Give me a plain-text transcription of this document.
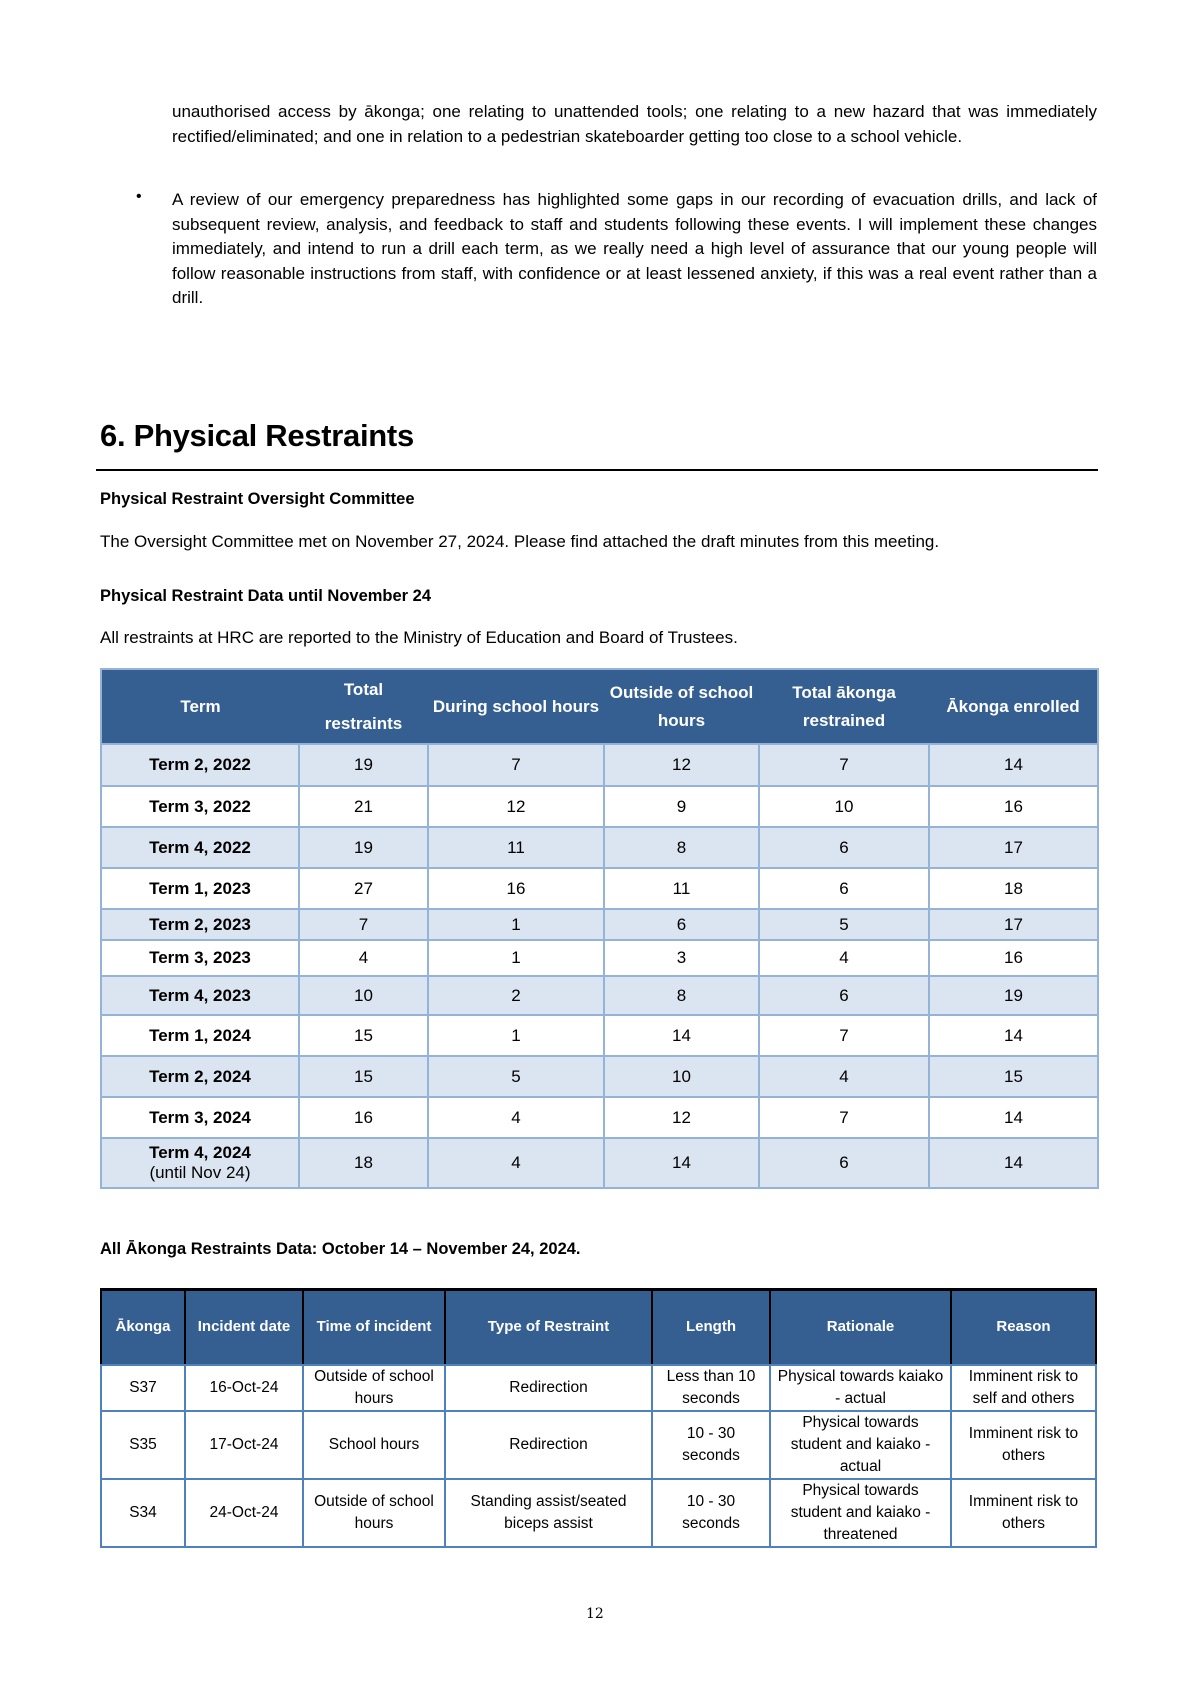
unauthorised access by ākonga; one relating to unattended tools; one relating to a new hazard that was immediately rectified/eliminated; and one in relation to a pedestrian skateboarder getting too close to a school vehicle.
• A review of our emergency preparedness has highlighted some gaps in our recording of evacuation drills, and lack of subsequent review, analysis, and feedback to staff and students following these events. I will implement these changes immediately, and intend to run a drill each term, as we really need a high level of assurance that our young people will follow reasonable instructions from staff, with confidence or at least lessened anxiety, if this was a real event rather than a drill.
6. Physical Restraints
Physical Restraint Oversight Committee
The Oversight Committee met on November 27, 2024. Please find attached the draft minutes from this meeting.
Physical Restraint Data until November 24
All restraints at HRC are reported to the Ministry of Education and Board of Trustees.
Term	Total restraints	During school hours	Outside of school hours	Total ākonga restrained	Ākonga enrolled
Term 2, 2022	19	7	12	7	14
Term 3, 2022	21	12	9	10	16
Term 4, 2022	19	11	8	6	17
Term 1, 2023	27	16	11	6	18
Term 2, 2023	7	1	6	5	17
Term 3, 2023	4	1	3	4	16
Term 4, 2023	10	2	8	6	19
Term 1, 2024	15	1	14	7	14
Term 2, 2024	15	5	10	4	15
Term 3, 2024	16	4	12	7	14
Term 4, 2024
(until Nov 24)	18	4	14	6	14
All Ākonga Restraints Data: October 14 – November 24, 2024.
Ākonga	Incident date	Time of incident	Type of Restraint	Length	Rationale	Reason
S37	16-Oct-24	Outside of school hours	Redirection	Less than 10 seconds	Physical towards kaiako - actual	Imminent risk to self and others
S35	17-Oct-24	School hours	Redirection	10 - 30 seconds	Physical towards student and kaiako - actual	Imminent risk to others
S34	24-Oct-24	Outside of school hours	Standing assist/seated biceps assist	10 - 30 seconds	Physical towards student and kaiako - threatened	Imminent risk to others
12
